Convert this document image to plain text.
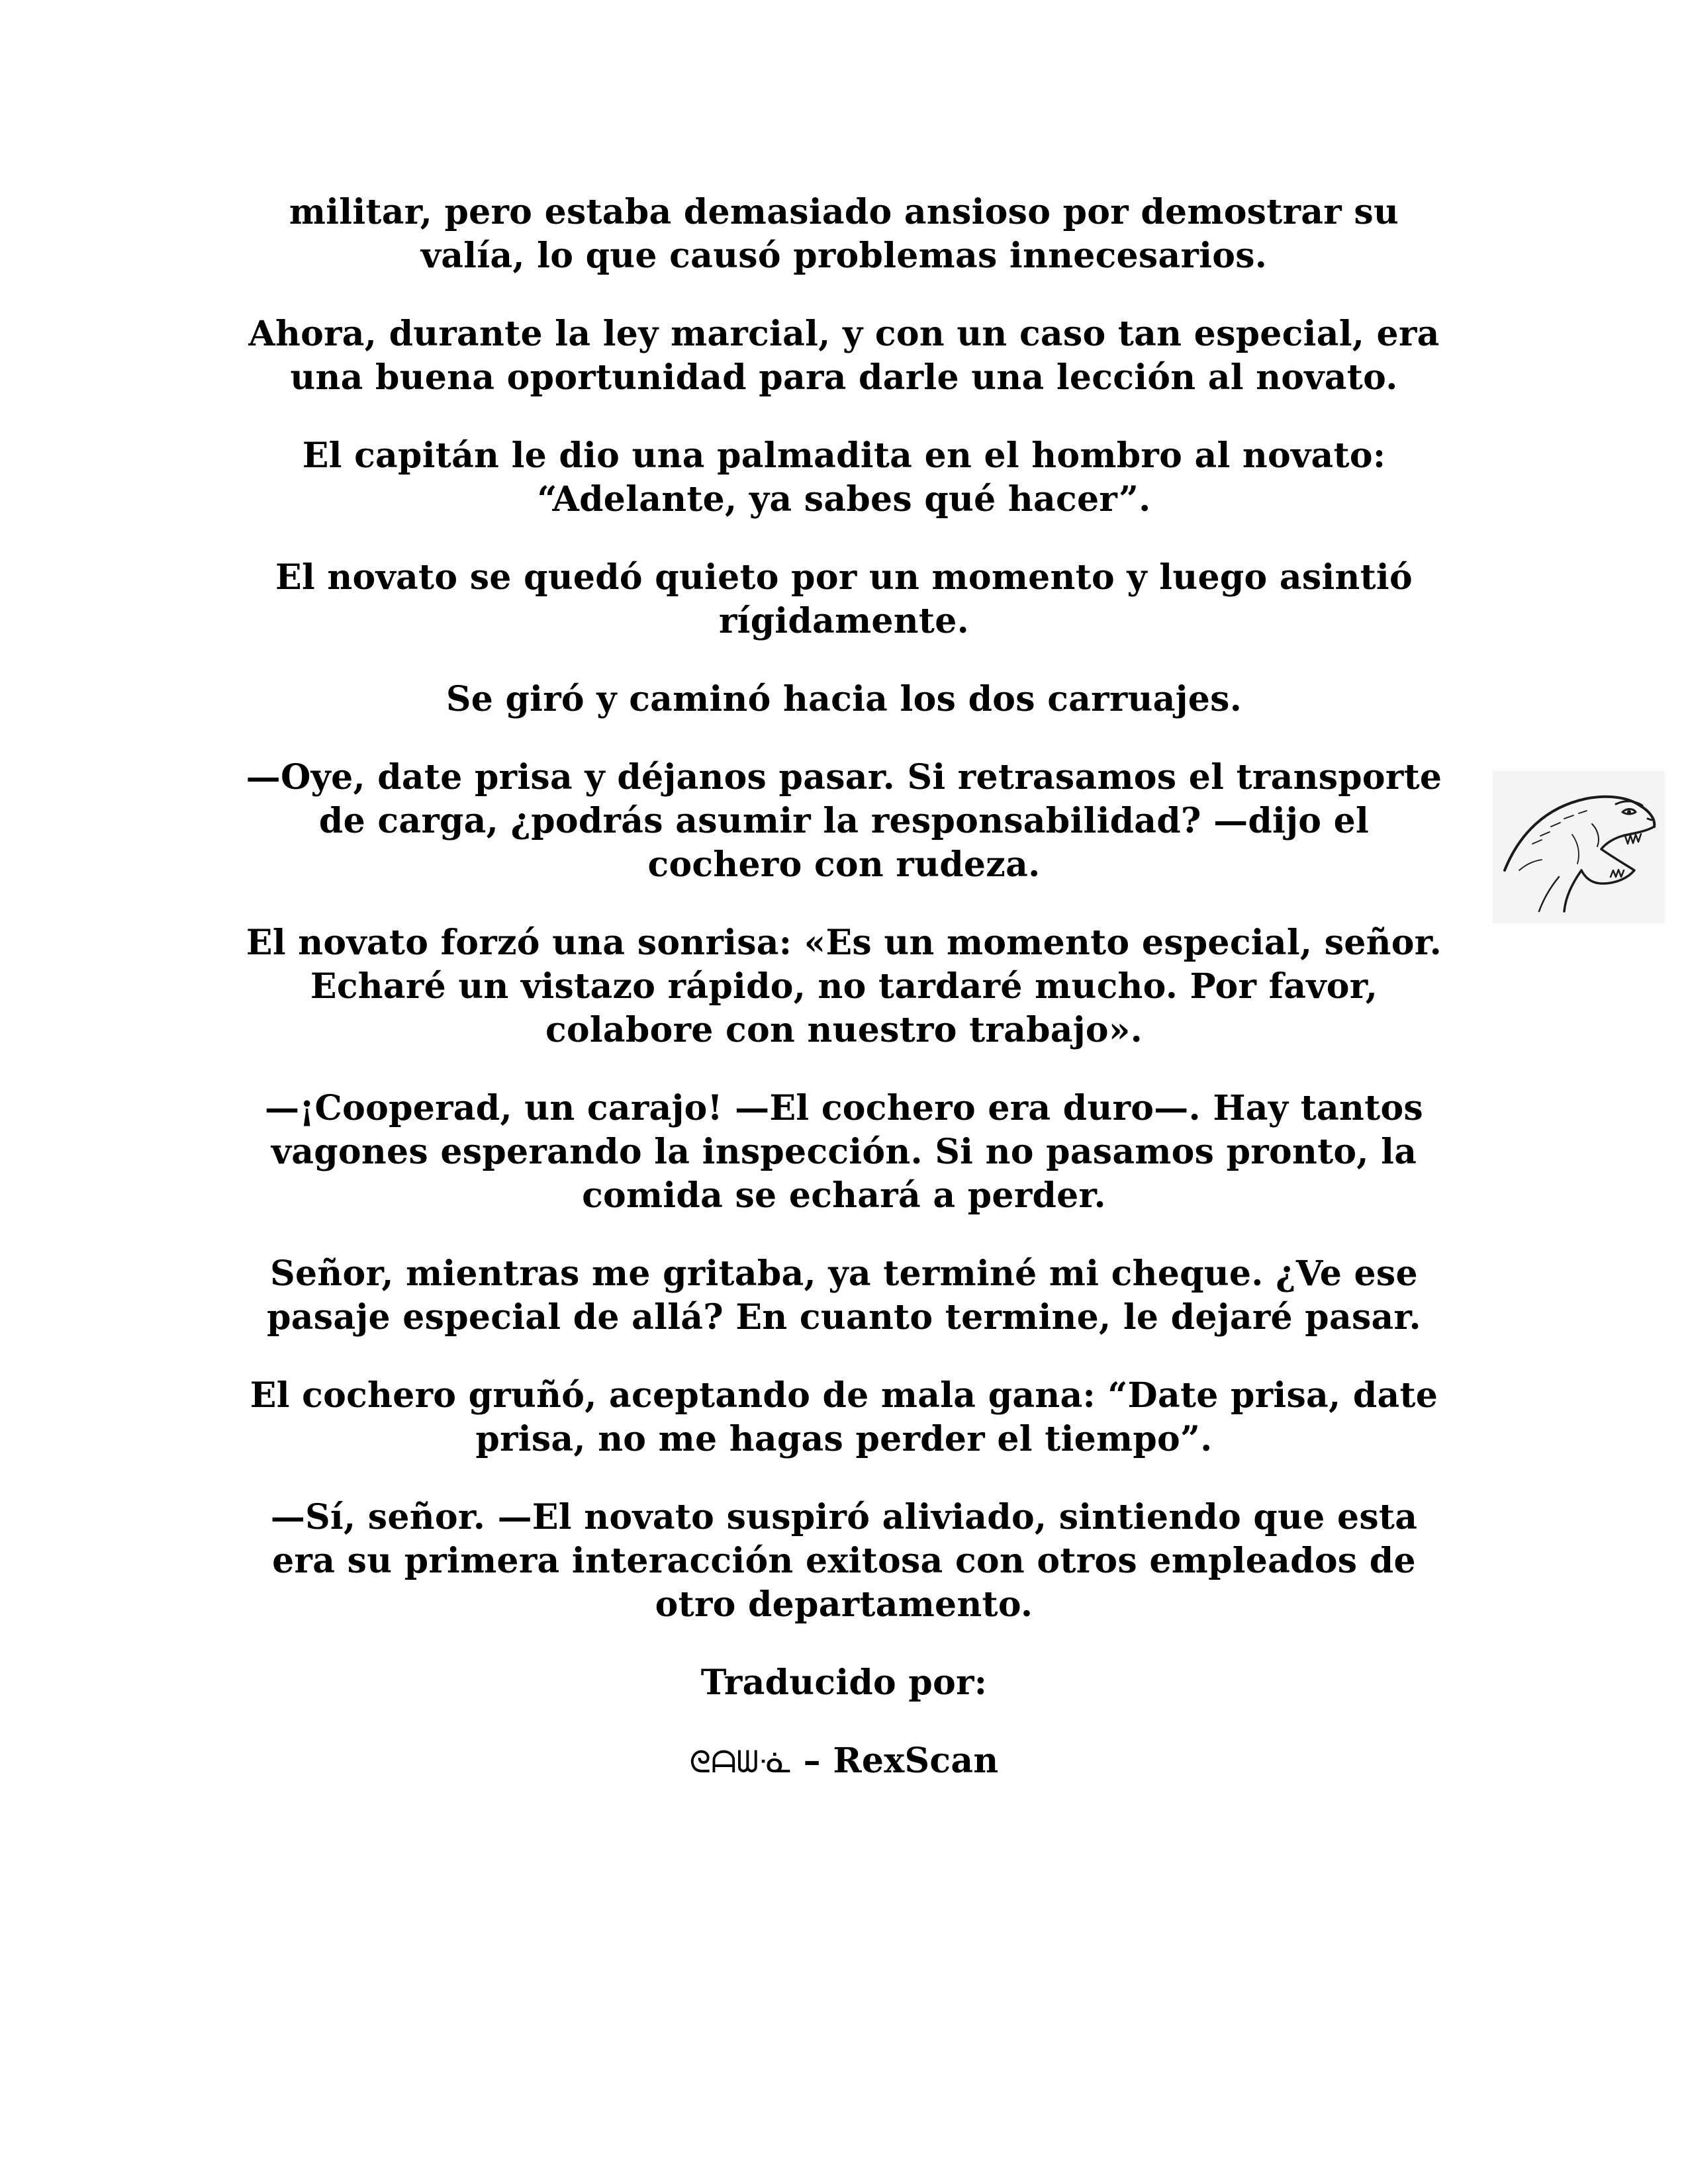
militar, pero estaba demasiado ansioso por demostrar su valía, lo que causó problemas innecesarios.

Ahora, durante la ley marcial, y con un caso tan especial, era una buena oportunidad para darle una lección al novato.

El capitán le dio una palmadita en el hombro al novato: “Adelante, ya sabes qué hacer”.

El novato se quedó quieto por un momento y luego asintió rígidamente.

Se giró y caminó hacia los dos carruajes.

—Oye, date prisa y déjanos pasar. Si retrasamos el transporte de carga, ¿podrás asumir la responsabilidad? —dijo el cochero con rudeza.

El novato forzó una sonrisa: «Es un momento especial, señor. Echaré un vistazo rápido, no tardaré mucho. Por favor, colabore con nuestro trabajo».

—¡Cooperad, un carajo! —El cochero era duro—. Hay tantos vagones esperando la inspección. Si no pasamos pronto, la comida se echará a perder.

Señor, mientras me gritaba, ya terminé mi cheque. ¿Ve ese pasaje especial de allá? En cuanto termine, le dejaré pasar.

El cochero gruñó, aceptando de mala gana: “Date prisa, date prisa, no me hagas perder el tiempo”.

—Sí, señor. —El novato suspiró aliviado, sintiendo que esta era su primera interacción exitosa con otros empleados de otro departamento.

Traducido por:

ᘓᗩᗯᓍ – RexScan
